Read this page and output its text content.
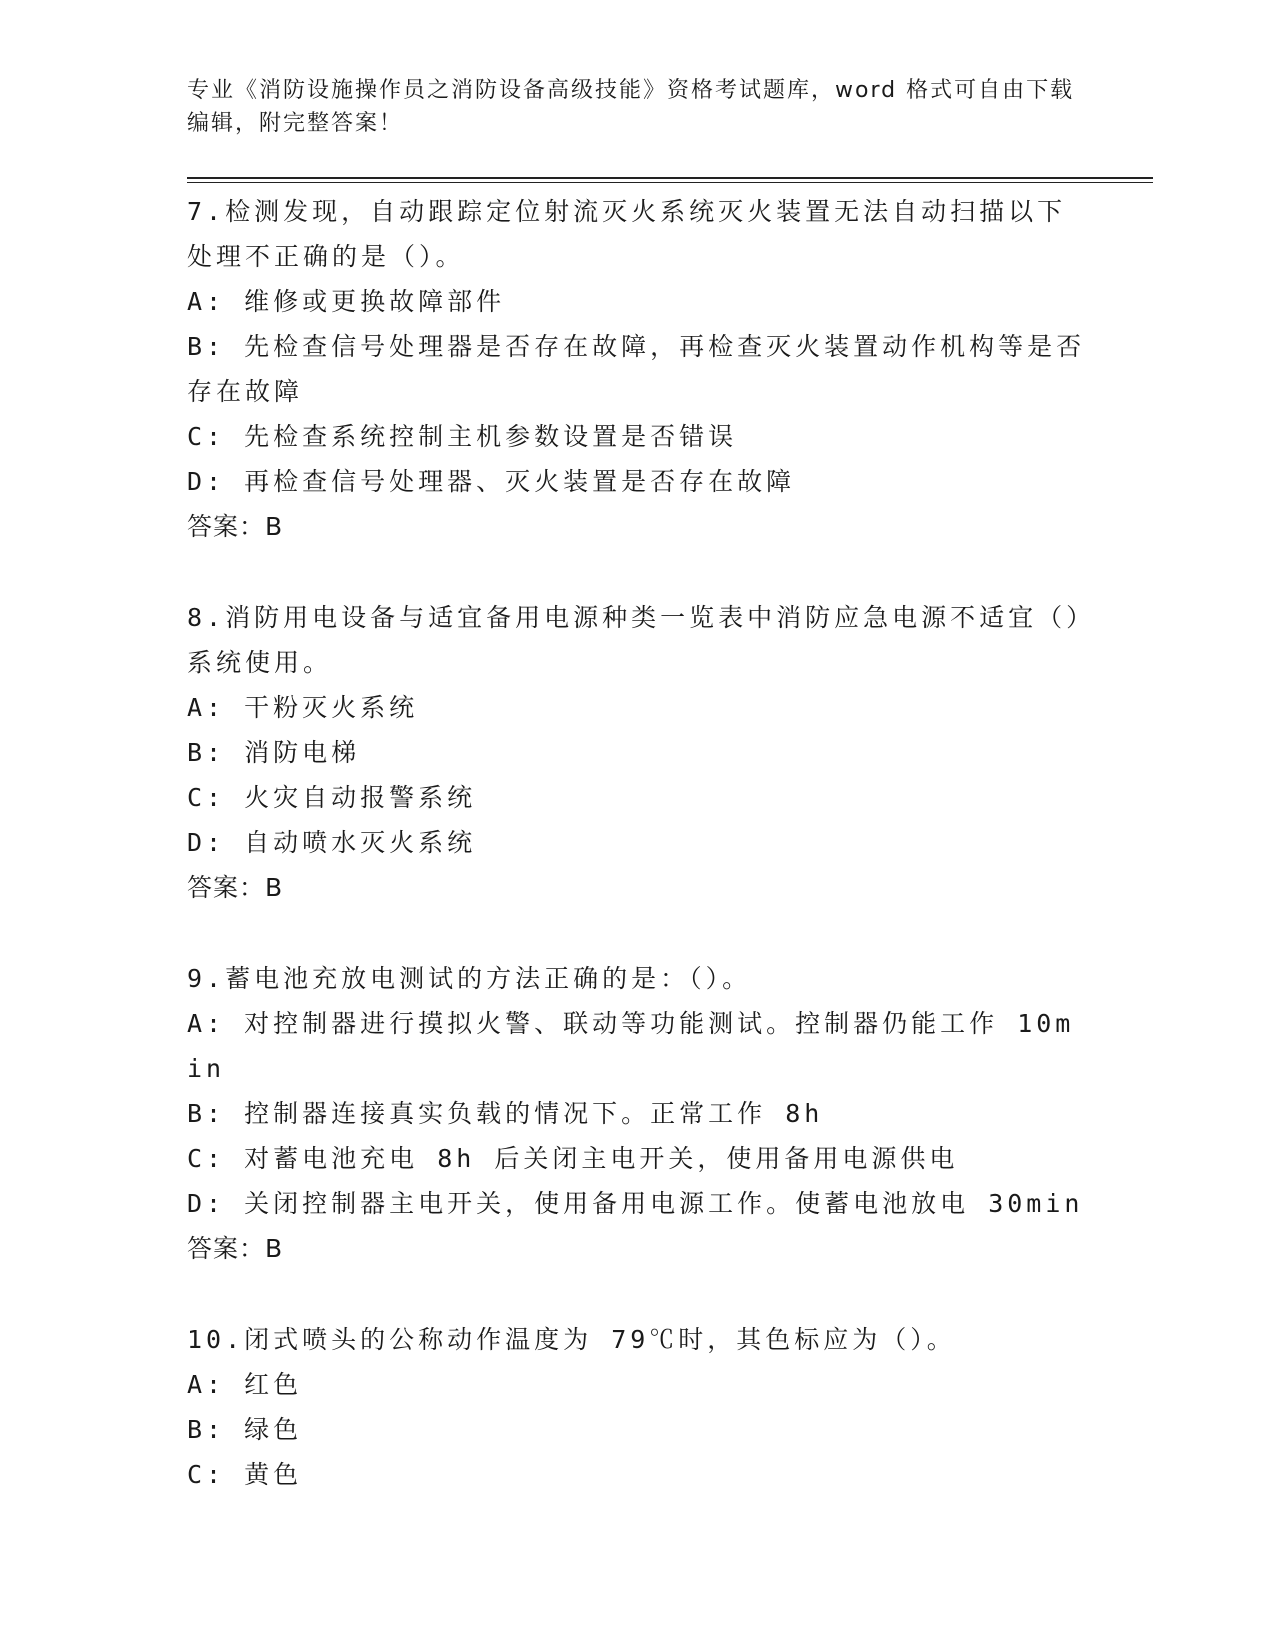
专业《消防设施操作员之消防设备高级技能》资格考试题库，word 格式可自由下载编辑，附完整答案！
7.检测发现，自动跟踪定位射流灭火系统灭火装置无法自动扫描以下处理不正确的是（）。
A: 维修或更换故障部件
B: 先检查信号处理器是否存在故障，再检查灭火装置动作机构等是否存在故障
C: 先检查系统控制主机参数设置是否错误
D: 再检查信号处理器、灭火装置是否存在故障
答案：B
8.消防用电设备与适宜备用电源种类一览表中消防应急电源不适宜（）系统使用。
A: 干粉灭火系统
B: 消防电梯
C: 火灾自动报警系统
D: 自动喷水灭火系统
答案：B
9.蓄电池充放电测试的方法正确的是：（）。
A: 对控制器进行摸拟火警、联动等功能测试。控制器仍能工作 10min
B: 控制器连接真实负载的情况下。正常工作 8h
C: 对蓄电池充电 8h 后关闭主电开关，使用备用电源供电
D: 关闭控制器主电开关，使用备用电源工作。使蓄电池放电 30min
答案：B
10.闭式喷头的公称动作温度为 79℃时，其色标应为（）。
A: 红色
B: 绿色
C: 黄色
